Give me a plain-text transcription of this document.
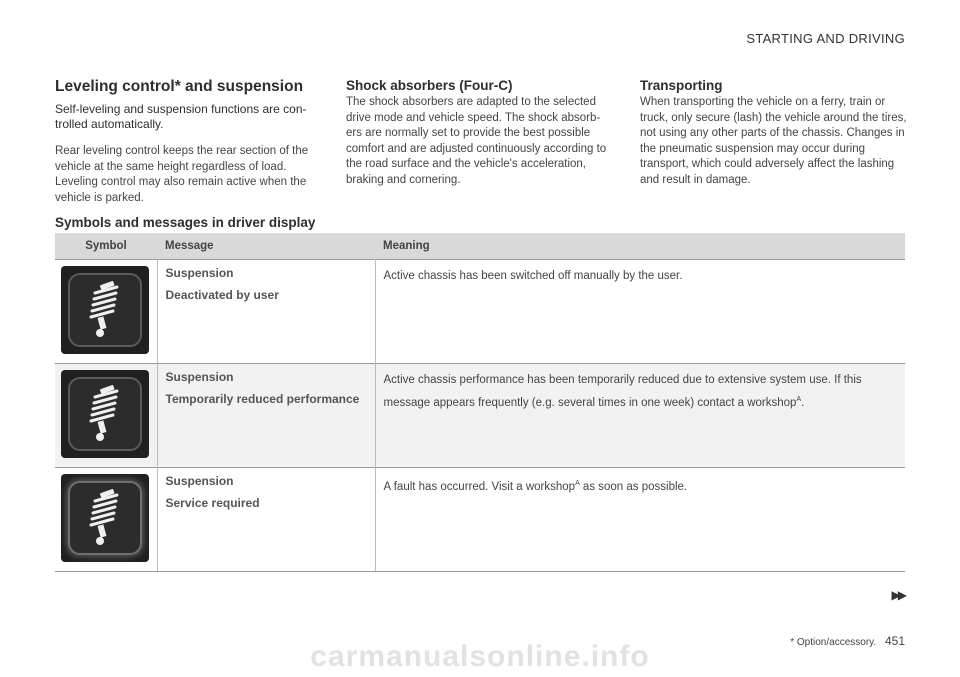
STARTING AND DRIVING
Leveling control* and suspension
Self-leveling and suspension functions are con-trolled automatically.
Rear leveling control keeps the rear section of the vehicle at the same height regardless of load. Leveling control may also remain active when the vehicle is parked.
Shock absorbers (Four-C)
The shock absorbers are adapted to the selected drive mode and vehicle speed. The shock absorb-ers are normally set to provide the best possible comfort and are adjusted continuously according to the road surface and the vehicle's acceleration, braking and cornering.
Transporting
When transporting the vehicle on a ferry, train or truck, only secure (lash) the vehicle around the tires, not using any other parts of the chassis. Changes in the pneumatic suspension may occur during transport, which could adversely affect the lashing and result in damage.
Symbols and messages in driver display
Symbol	Message	Meaning

Suspension
Deactivated by user	Active chassis has been switched off manually by the user.

Suspension
Temporarily reduced performance	Active chassis performance has been temporarily reduced due to extensive system use. If this message appears frequently (e.g. several times in one week) contact a workshop$^A$.

Suspension
Service required	A fault has occurred. Visit a workshop$^A$ as soon as possible.
▶▶
* Option/accessory. 451
carmanualsonline.info
